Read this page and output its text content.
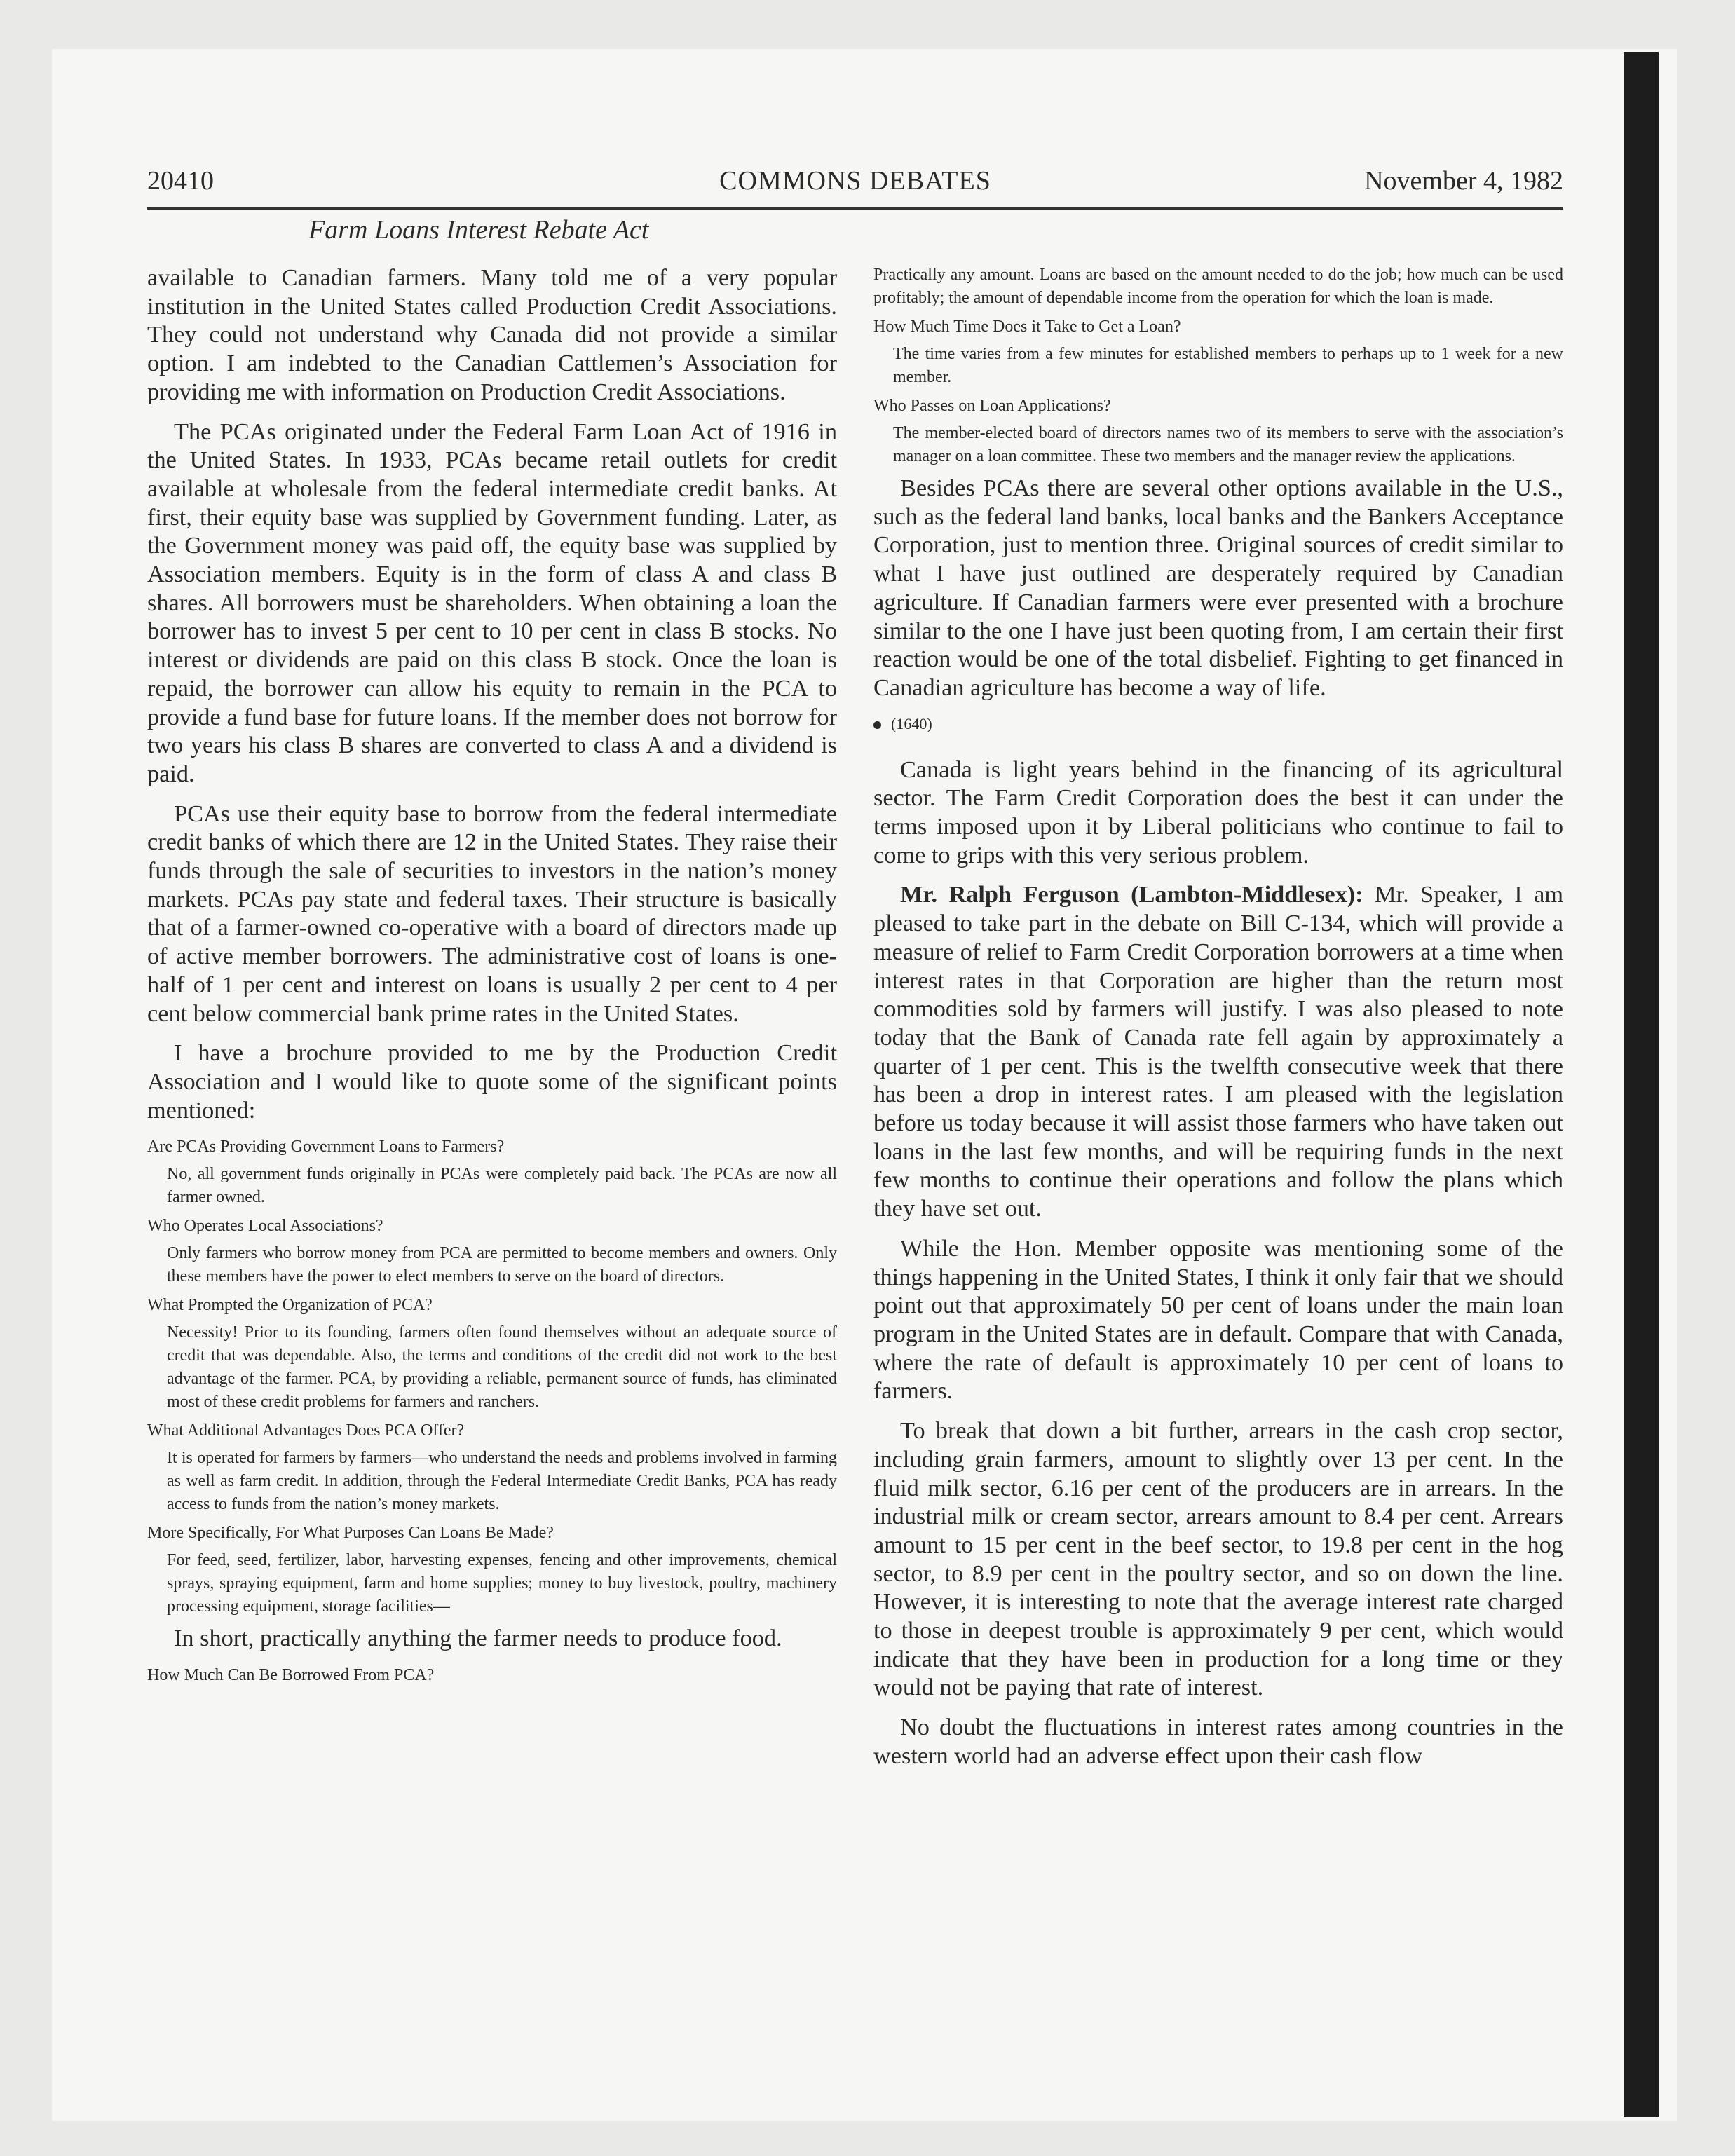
20410	COMMONS DEBATES	November 4, 1982
Farm Loans Interest Rebate Act

available to Canadian farmers. Many told me of a very popular institution in the United States called Production Credit Associations. They could not understand why Canada did not provide a similar option. I am indebted to the Canadian Cattlemen’s Association for providing me with information on Production Credit Associations.

The PCAs originated under the Federal Farm Loan Act of 1916 in the United States. In 1933, PCAs became retail outlets for credit available at wholesale from the federal intermediate credit banks. At first, their equity base was supplied by Government funding. Later, as the Government money was paid off, the equity base was supplied by Association members. Equity is in the form of class A and class B shares. All borrowers must be shareholders. When obtaining a loan the borrower has to invest 5 per cent to 10 per cent in class B stocks. No interest or dividends are paid on this class B stock. Once the loan is repaid, the borrower can allow his equity to remain in the PCA to provide a fund base for future loans. If the member does not borrow for two years his class B shares are converted to class A and a dividend is paid.

PCAs use their equity base to borrow from the federal intermediate credit banks of which there are 12 in the United States. They raise their funds through the sale of securities to investors in the nation’s money markets. PCAs pay state and federal taxes. Their structure is basically that of a farmer-owned co-operative with a board of directors made up of active member borrowers. The administrative cost of loans is one-half of 1 per cent and interest on loans is usually 2 per cent to 4 per cent below commercial bank prime rates in the United States.

I have a brochure provided to me by the Production Credit Association and I would like to quote some of the significant points mentioned:

Are PCAs Providing Government Loans to Farmers?

No, all government funds originally in PCAs were completely paid back. The PCAs are now all farmer owned.

Who Operates Local Associations?

Only farmers who borrow money from PCA are permitted to become members and owners. Only these members have the power to elect members to serve on the board of directors.

What Prompted the Organization of PCA?

Necessity! Prior to its founding, farmers often found themselves without an adequate source of credit that was dependable. Also, the terms and conditions of the credit did not work to the best advantage of the farmer. PCA, by providing a reliable, permanent source of funds, has eliminated most of these credit problems for farmers and ranchers.

What Additional Advantages Does PCA Offer?

It is operated for farmers by farmers—who understand the needs and problems involved in farming as well as farm credit. In addition, through the Federal Intermediate Credit Banks, PCA has ready access to funds from the nation’s money markets.

More Specifically, For What Purposes Can Loans Be Made?

For feed, seed, fertilizer, labor, harvesting expenses, fencing and other improvements, chemical sprays, spraying equipment, farm and home supplies; money to buy livestock, poultry, machinery processing equipment, storage facilities—

In short, practically anything the farmer needs to produce food.

How Much Can Be Borrowed From PCA?

Practically any amount. Loans are based on the amount needed to do the job; how much can be used profitably; the amount of dependable income from the operation for which the loan is made.

How Much Time Does it Take to Get a Loan?

The time varies from a few minutes for established members to perhaps up to 1 week for a new member.

Who Passes on Loan Applications?

The member-elected board of directors names two of its members to serve with the association’s manager on a loan committee. These two members and the manager review the applications.

Besides PCAs there are several other options available in the U.S., such as the federal land banks, local banks and the Bankers Acceptance Corporation, just to mention three. Original sources of credit similar to what I have just outlined are desperately required by Canadian agriculture. If Canadian farmers were ever presented with a brochure similar to the one I have just been quoting from, I am certain their first reaction would be one of the total disbelief. Fighting to get financed in Canadian agriculture has become a way of life.

(1640)

Canada is light years behind in the financing of its agricultural sector. The Farm Credit Corporation does the best it can under the terms imposed upon it by Liberal politicians who continue to fail to come to grips with this very serious problem.

Mr. Ralph Ferguson (Lambton-Middlesex): Mr. Speaker, I am pleased to take part in the debate on Bill C-134, which will provide a measure of relief to Farm Credit Corporation borrowers at a time when interest rates in that Corporation are higher than the return most commodities sold by farmers will justify. I was also pleased to note today that the Bank of Canada rate fell again by approximately a quarter of 1 per cent. This is the twelfth consecutive week that there has been a drop in interest rates. I am pleased with the legislation before us today because it will assist those farmers who have taken out loans in the last few months, and will be requiring funds in the next few months to continue their operations and follow the plans which they have set out.

While the Hon. Member opposite was mentioning some of the things happening in the United States, I think it only fair that we should point out that approximately 50 per cent of loans under the main loan program in the United States are in default. Compare that with Canada, where the rate of default is approximately 10 per cent of loans to farmers.

To break that down a bit further, arrears in the cash crop sector, including grain farmers, amount to slightly over 13 per cent. In the fluid milk sector, 6.16 per cent of the producers are in arrears. In the industrial milk or cream sector, arrears amount to 8.4 per cent. Arrears amount to 15 per cent in the beef sector, to 19.8 per cent in the hog sector, to 8.9 per cent in the poultry sector, and so on down the line. However, it is interesting to note that the average interest rate charged to those in deepest trouble is approximately 9 per cent, which would indicate that they have been in production for a long time or they would not be paying that rate of interest.

No doubt the fluctuations in interest rates among countries in the western world had an adverse effect upon their cash flow
